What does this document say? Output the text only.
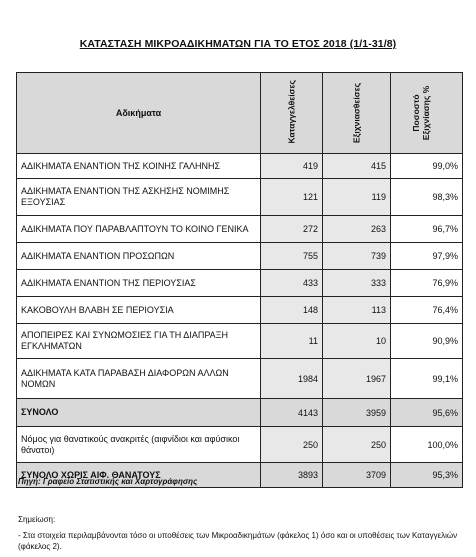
ΚΑΤΑΣΤΑΣΗ ΜΙΚΡΟΑΔΙΚΗΜΑΤΩΝ ΓΙΑ ΤΟ ΕΤΟΣ 2018 (1/1-31/8)
Αδικήματα	Καταγγελθείσες	Εξιχνιασθείσες	Ποσοστό Εξιχνίασης %

ΑΔΙΚΗΜΑΤΑ ΕΝΑΝΤΙΟΝ ΤΗΣ ΚΟΙΝΗΣ ΓΑΛΗΝΗΣ	419	415	99,0%
ΑΔΙΚΗΜΑΤΑ ΕΝΑΝΤΙΟΝ ΤΗΣ ΑΣΚΗΣΗΣ ΝΟΜΙΜΗΣ ΕΞΟΥΣΙΑΣ	121	119	98,3%
ΑΔΙΚΗΜΑΤΑ ΠΟΥ ΠΑΡΑΒΛΑΠΤΟΥΝ ΤΟ ΚΟΙΝΟ ΓΕΝΙΚΑ	272	263	96,7%
ΑΔΙΚΗΜΑΤΑ ΕΝΑΝΤΙΟΝ ΠΡΟΣΩΠΩΝ	755	739	97,9%
ΑΔΙΚΗΜΑΤΑ ΕΝΑΝΤΙΟΝ ΤΗΣ ΠΕΡΙΟΥΣΙΑΣ	433	333	76,9%
ΚΑΚΟΒΟΥΛΗ ΒΛΑΒΗ ΣΕ ΠΕΡΙΟΥΣΙΑ	148	113	76,4%
ΑΠΟΠΕΙΡΕΣ ΚΑΙ ΣΥΝΩΜΟΣΙΕΣ ΓΙΑ ΤΗ ΔΙΑΠΡΑΞΗ ΕΓΚΛΗΜΑΤΩΝ	11	10	90,9%
ΑΔΙΚΗΜΑΤΑ ΚΑΤΑ ΠΑΡΑΒΑΣΗ ΔΙΑΦΟΡΩΝ ΑΛΛΩΝ ΝΟΜΩΝ	1984	1967	99,1%
ΣΥΝΟΛΟ	4143	3959	95,6%
Νόμος για θανατικούς ανακριτές (αιφνίδιοι και αφύσικοι θάνατοι)	250	250	100,0%
ΣΥΝΟΛΟ ΧΩΡΙΣ ΑΙΦ. ΘΑΝΑΤΟΥΣ	3893	3709	95,3%
Πηγή: Γραφείο Στατιστικής και Χαρτογράφησης
Σημείωση:
- Στα στοιχεία περιλαμβάνονται τόσο οι υποθέσεις των Μικροαδικημάτων (φάκελος 1) όσο και οι υποθέσεις των Καταγγελιών (φάκελος 2).
